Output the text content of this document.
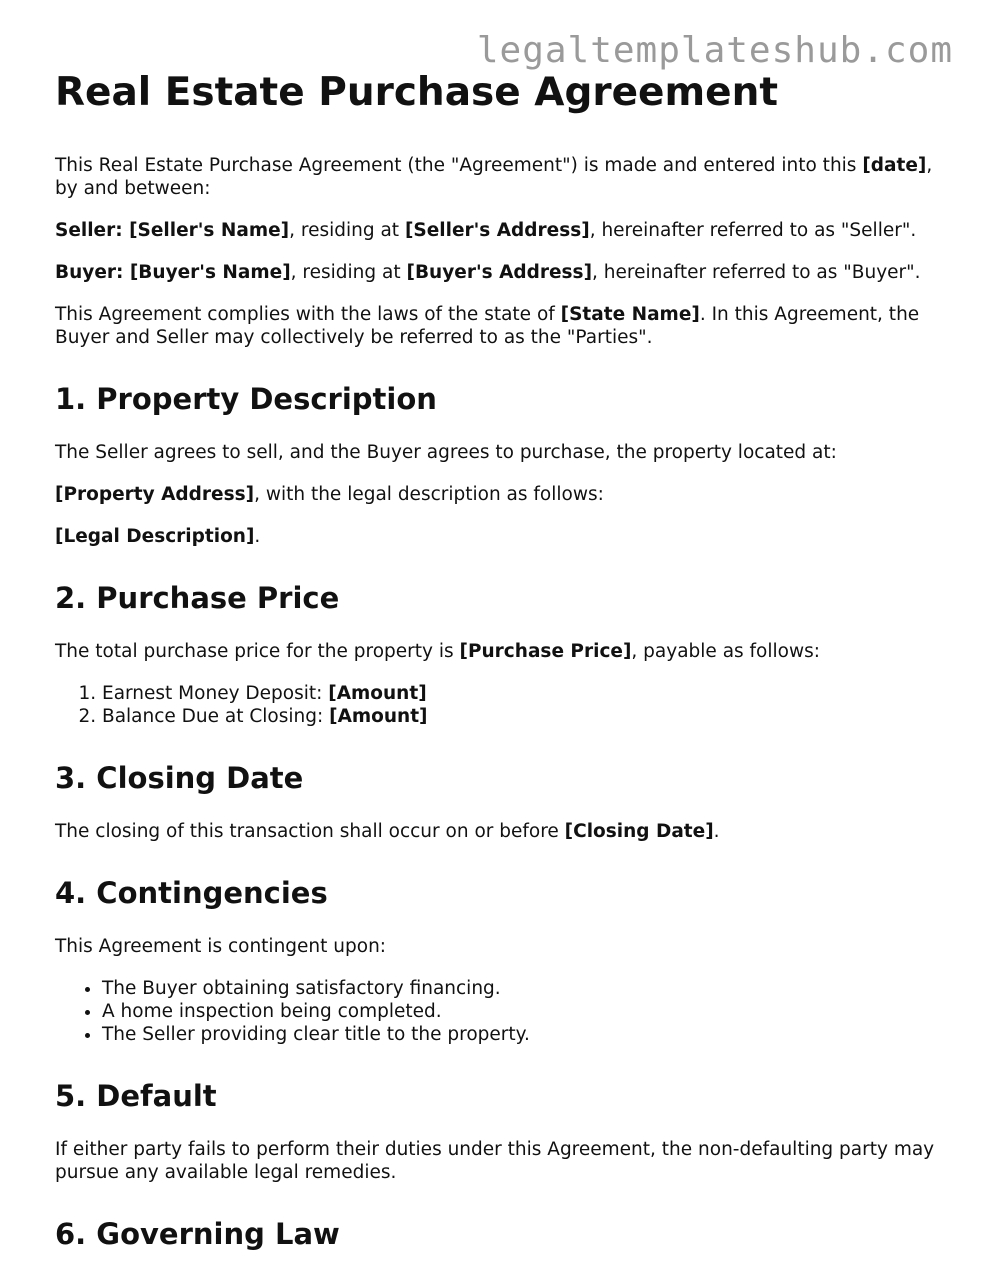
legaltemplateshub.com
Real Estate Purchase Agreement

This Real Estate Purchase Agreement (the "Agreement") is made and entered into this [date], by and between:

Seller: [Seller's Name], residing at [Seller's Address], hereinafter referred to as "Seller".

Buyer: [Buyer's Name], residing at [Buyer's Address], hereinafter referred to as "Buyer".

This Agreement complies with the laws of the state of [State Name]. In this Agreement, the Buyer and Seller may collectively be referred to as the "Parties".

1. Property Description

The Seller agrees to sell, and the Buyer agrees to purchase, the property located at:

[Property Address], with the legal description as follows:

[Legal Description].

2. Purchase Price

The total purchase price for the property is [Purchase Price], payable as follows:

1. Earnest Money Deposit: [Amount]
2. Balance Due at Closing: [Amount]
3. Closing Date

The closing of this transaction shall occur on or before [Closing Date].

4. Contingencies

This Agreement is contingent upon:

• The Buyer obtaining satisfactory financing.
• A home inspection being completed.
• The Seller providing clear title to the property.
5. Default

If either party fails to perform their duties under this Agreement, the non-defaulting party may pursue any available legal remedies.

6. Governing Law
